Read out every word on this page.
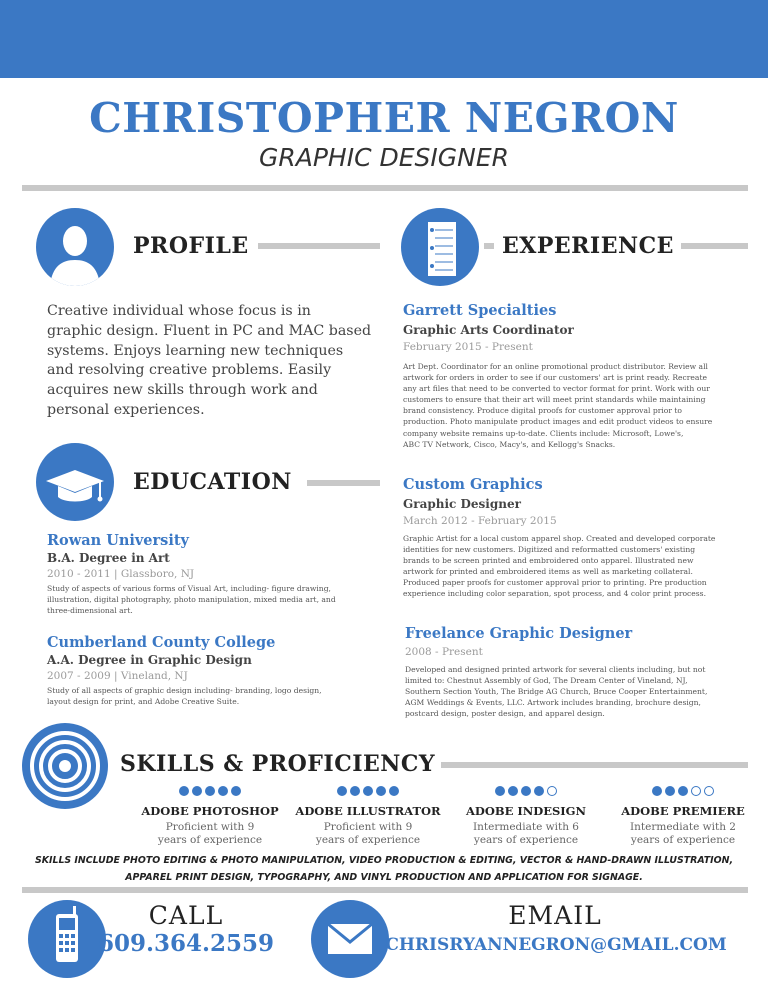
CHRISTOPHER NEGRON
GRAPHIC DESIGNER
PROFILE
Creative individual whose focus is in
graphic design. Fluent in PC and MAC based
systems. Enjoys learning new techniques
and resolving creative problems. Easily
acquires new skills through work and
personal experiences.
EDUCATION
Rowan University
B.A. Degree in Art
2010 - 2011 | Glassboro, NJ
Study of aspects of various forms of Visual Art, including- figure drawing,
illustration, digital photography, photo manipulation, mixed media art, and
three-dimensional art.
Cumberland County College
A.A. Degree in Graphic Design
2007 - 2009 | Vineland, NJ
Study of all aspects of graphic design including- branding, logo design,
layout design for print, and Adobe Creative Suite.
EXPERIENCE
Garrett Specialties
Graphic Arts Coordinator
February 2015 - Present
Art Dept. Coordinator for an online promotional product distributor. Review all
artwork for orders in order to see if our customers' art is print ready. Recreate
any art files that need to be converted to vector format for print. Work with our
customers to ensure that their art will meet print standards while maintaining
brand consistency. Produce digital proofs for customer approval prior to
production. Photo manipulate product images and edit product videos to ensure
company website remains up-to-date. Clients include: Microsoft, Lowe's,
ABC TV Network, Cisco, Macy's, and Kellogg's Snacks.
Custom Graphics
Graphic Designer
March 2012 - February 2015
Graphic Artist for a local custom apparel shop. Created and developed corporate
identities for new customers. Digitized and reformatted customers' existing
brands to be screen printed and embroidered onto apparel. Illustrated new
artwork for printed and embroidered items as well as marketing collateral.
Produced paper proofs for customer approval prior to printing. Pre production
experience including color separation, spot process, and 4 color print process.
Freelance Graphic Designer
2008 - Present
Developed and designed printed artwork for several clients including, but not
limited to: Chestnut Assembly of God, The Dream Center of Vineland, NJ,
Southern Section Youth, The Bridge AG Church, Bruce Cooper Entertainment,
AGM Weddings & Events, LLC. Artwork includes branding, brochure design,
postcard design, poster design, and apparel design.
SKILLS & PROFICIENCY
ADOBE PHOTOSHOP
Proficient with 9
years of experience
ADOBE ILLUSTRATOR
Proficient with 9
years of experience
ADOBE INDESIGN
Intermediate with 6
years of experience
ADOBE PREMIERE
Intermediate with 2
years of experience
SKILLS INCLUDE PHOTO EDITING & PHOTO MANIPULATION, VIDEO PRODUCTION & EDITING, VECTOR & HAND-DRAWN ILLUSTRATION,
APPAREL PRINT DESIGN, TYPOGRAPHY, AND VINYL PRODUCTION AND APPLICATION FOR SIGNAGE.
CALL
609.364.2559
EMAIL
CHRISRYANNEGRON@GMAIL.COM
